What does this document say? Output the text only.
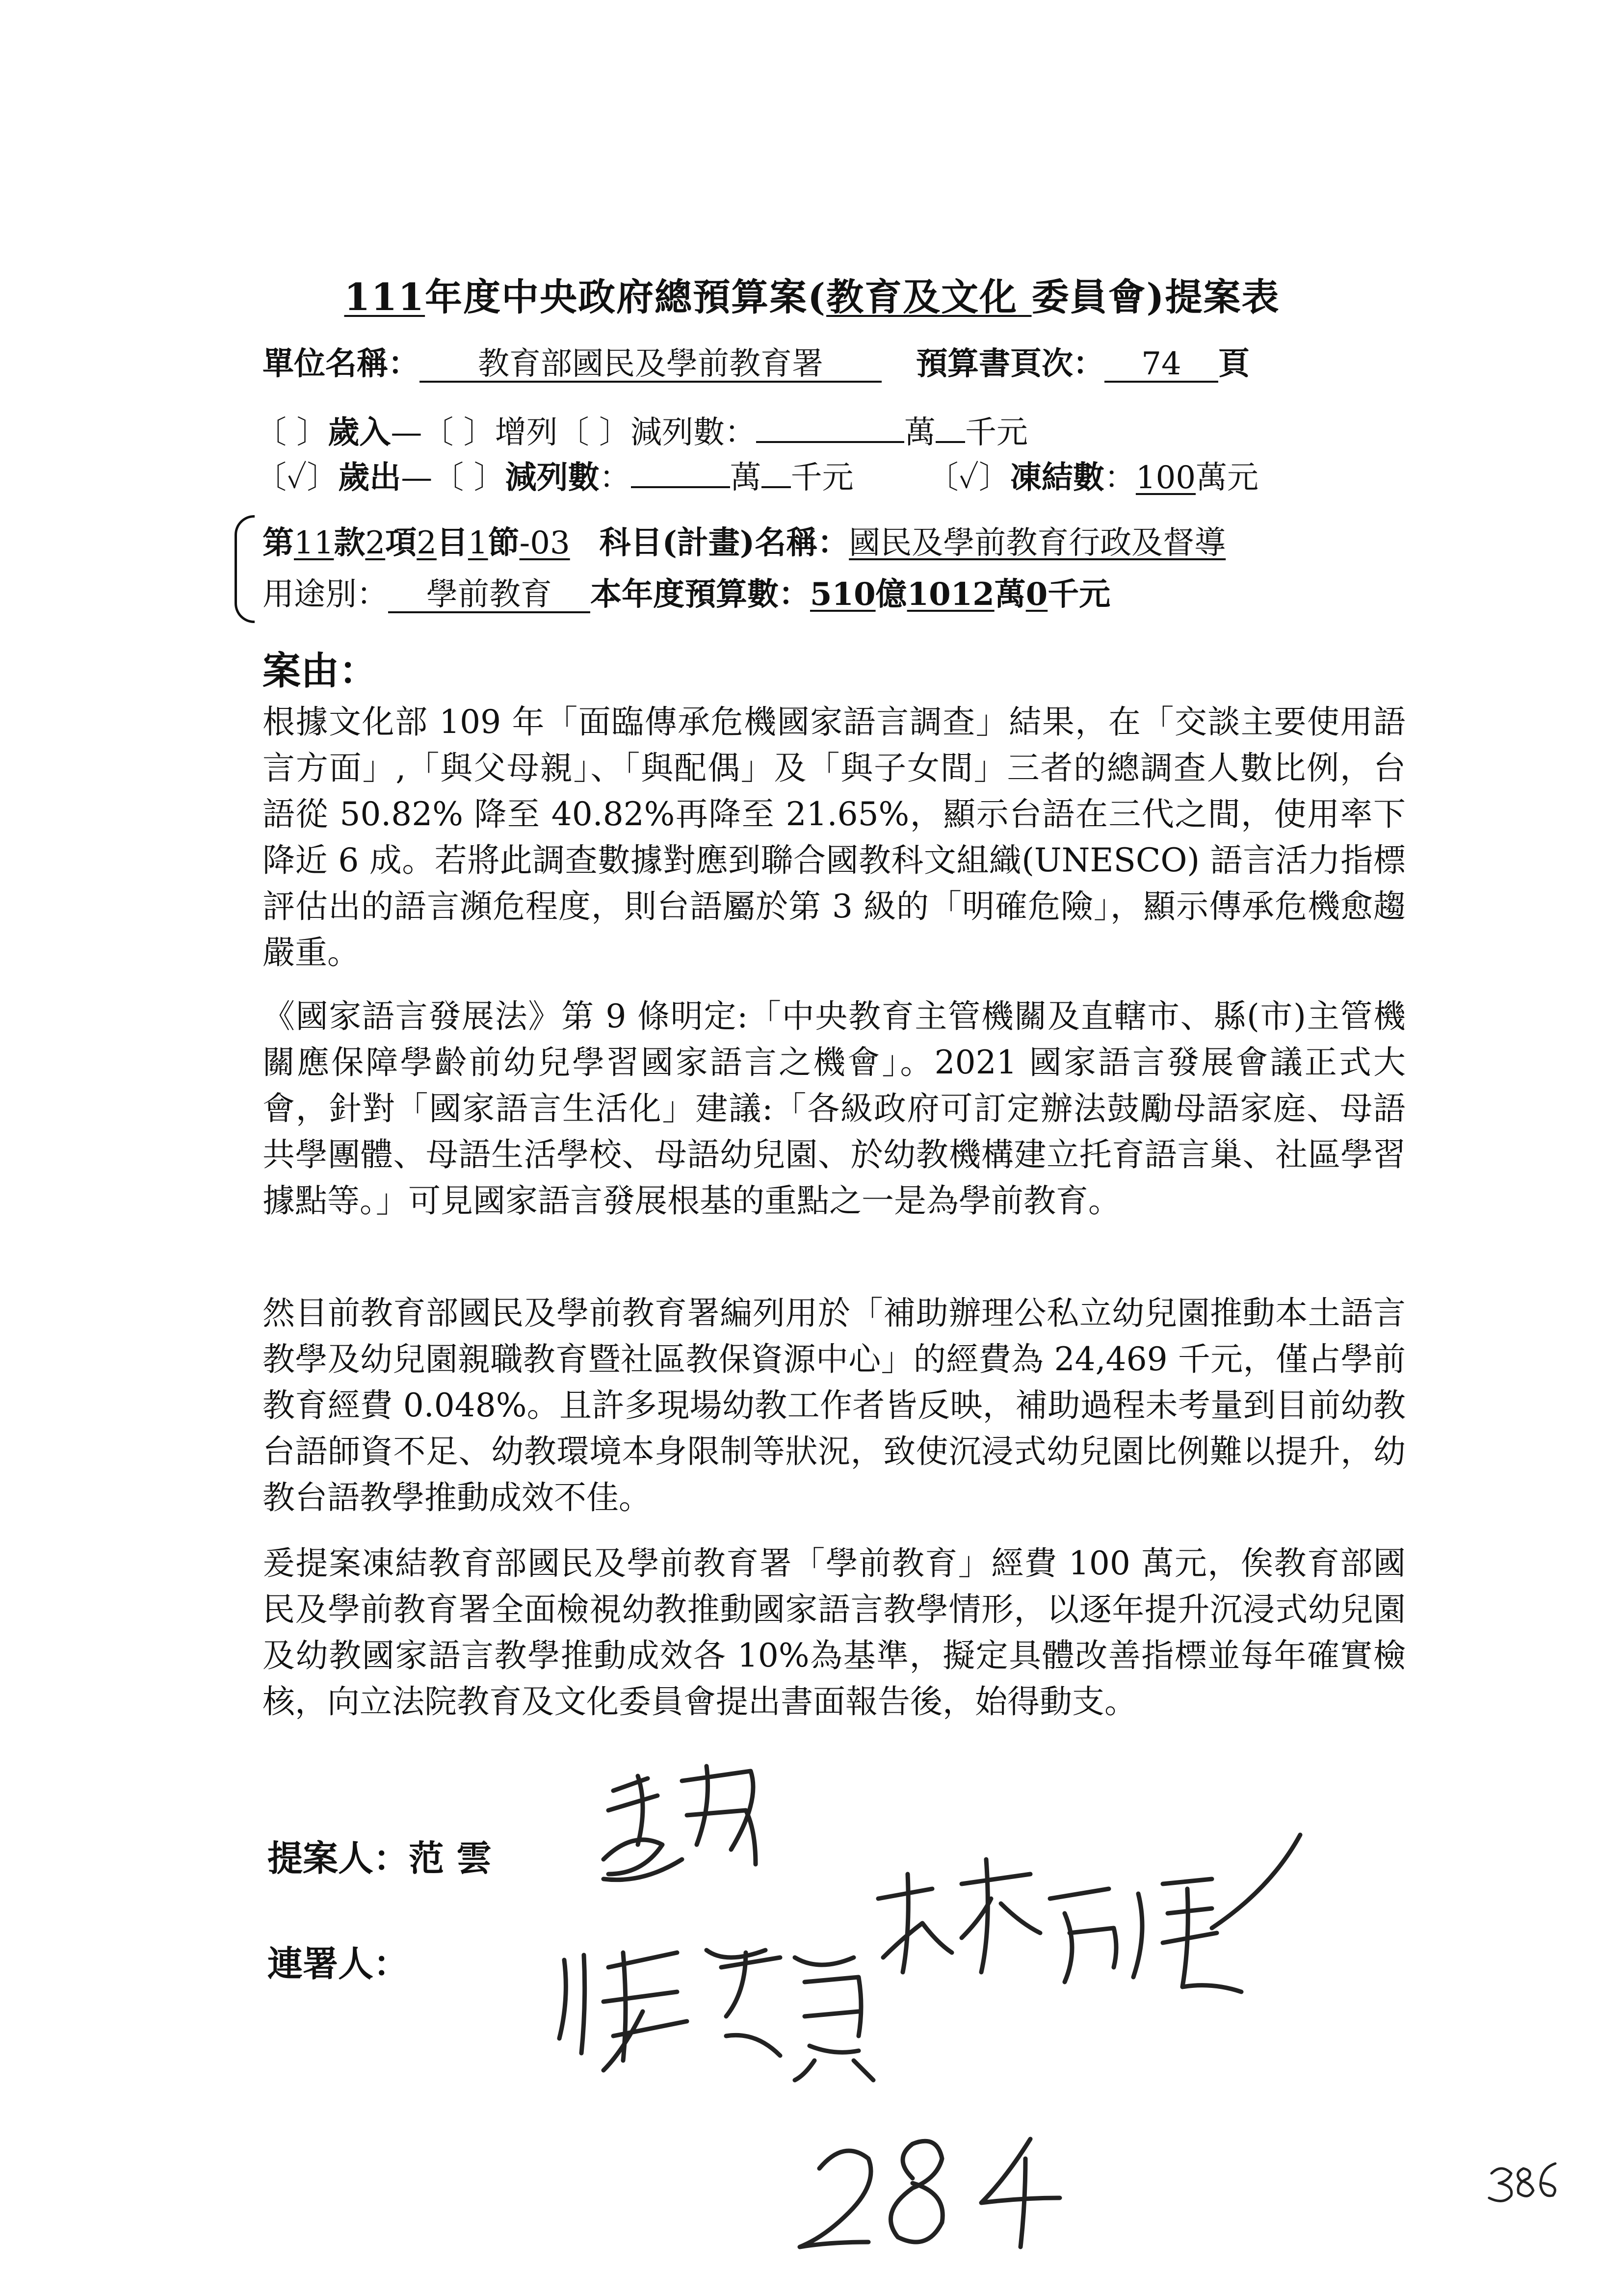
111年度中央政府總預算案(教育及文化 委員會)提案表
單位名稱： 教育部國民及學前教育署	預算書頁次： 74 頁
〔 〕歲入—〔 〕增列〔 〕減列數：	萬 千元
〔✓〕歲出—〔 〕減列數：	萬 千元 〔✓〕凍結數：100萬元
第11款2項2目1節-03 科目(計畫)名稱：國民及學前教育行政及督導
用途別： 學前教育 本年度預算數：510億1012萬0千元
案由：
根據文化部 109 年「面臨傳承危機國家語言調查」結果，在「交談主要使用語言方面」,「與父母親」、「與配偶」及「與子女間」三者的總調查人數比例，台語從 50.82% 降至 40.82%再降至 21.65%，顯示台語在三代之間，使用率下降近 6 成。若將此調查數據對應到聯合國教科文組織(UNESCO) 語言活力指標評估出的語言瀕危程度，則台語屬於第 3 級的「明確危險」，顯示傳承危機愈趨嚴重。
《國家語言發展法》第 9 條明定:「中央教育主管機關及直轄市、縣(市)主管機關應保障學齡前幼兒學習國家語言之機會」。2021 國家語言發展會議正式大會，針對「國家語言生活化」建議:「各級政府可訂定辦法鼓勵母語家庭、母語共學團體、母語生活學校、母語幼兒園、於幼教機構建立托育語言巢、社區學習據點等。」可見國家語言發展根基的重點之一是為學前教育。
然目前教育部國民及學前教育署編列用於「補助辦理公私立幼兒園推動本土語言教學及幼兒園親職教育暨社區教保資源中心」的經費為 24,469 千元，僅占學前教育經費 0.048%。且許多現場幼教工作者皆反映，補助過程未考量到目前幼教台語師資不足、幼教環境本身限制等狀況，致使沉浸式幼兒園比例難以提升，幼教台語教學推動成效不佳。
爰提案凍結教育部國民及學前教育署「學前教育」經費 100 萬元，俟教育部國民及學前教育署全面檢視幼教推動國家語言教學情形，以逐年提升沉浸式幼兒園及幼教國家語言教學推動成效各 10%為基準，擬定具體改善指標並每年確實檢核，向立法院教育及文化委員會提出書面報告後，始得動支。
提案人：范 雲
連署人：
